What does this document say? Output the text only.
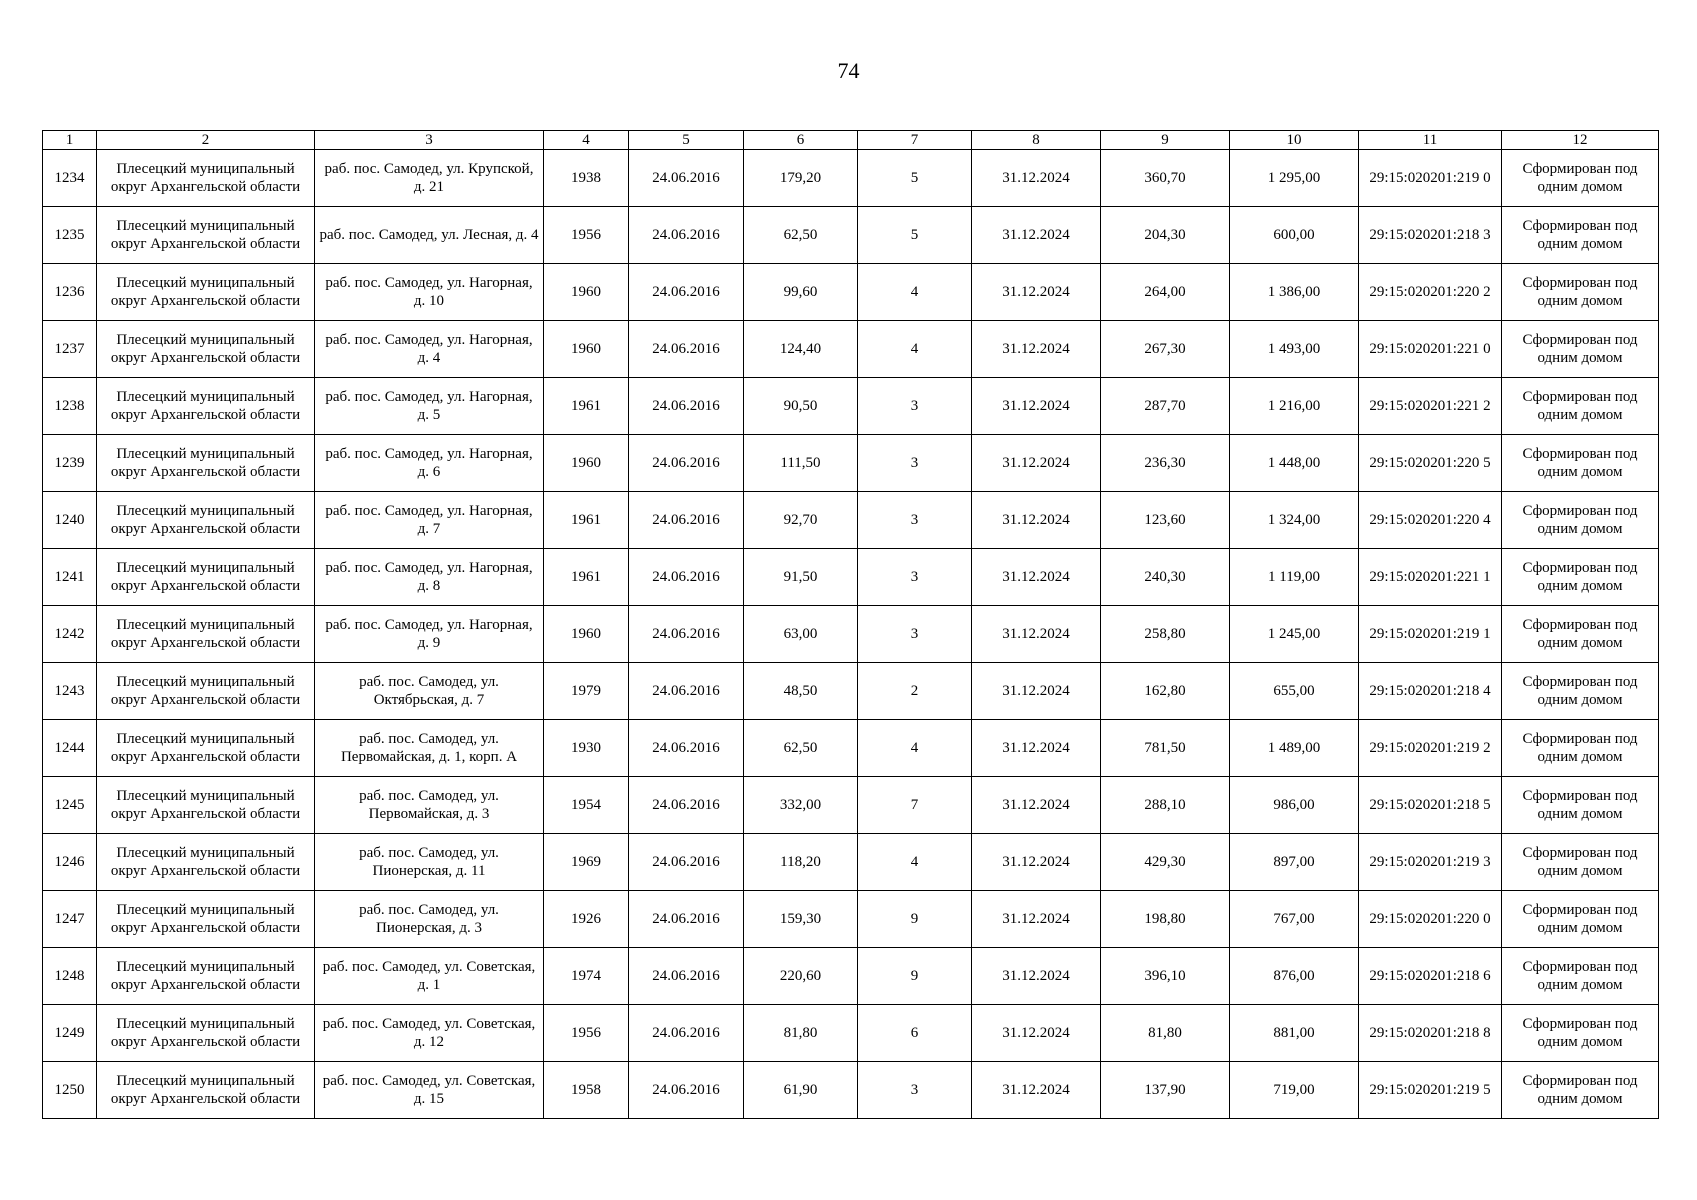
74
1	2	3	4	5	6	7	8	9	10	11	12
1234	Плесецкий муниципальный округ Архангельской области	раб. пос. Самодед, ул. Крупской, д. 21	1938	24.06.2016	179,20	5	31.12.2024	360,70	1 295,00	29:15:020201:219 0	Сформирован под одним домом
1235	Плесецкий муниципальный округ Архангельской области	раб. пос. Самодед, ул. Лесная, д. 4	1956	24.06.2016	62,50	5	31.12.2024	204,30	600,00	29:15:020201:218 3	Сформирован под одним домом
1236	Плесецкий муниципальный округ Архангельской области	раб. пос. Самодед, ул. Нагорная, д. 10	1960	24.06.2016	99,60	4	31.12.2024	264,00	1 386,00	29:15:020201:220 2	Сформирован под одним домом
1237	Плесецкий муниципальный округ Архангельской области	раб. пос. Самодед, ул. Нагорная, д. 4	1960	24.06.2016	124,40	4	31.12.2024	267,30	1 493,00	29:15:020201:221 0	Сформирован под одним домом
1238	Плесецкий муниципальный округ Архангельской области	раб. пос. Самодед, ул. Нагорная, д. 5	1961	24.06.2016	90,50	3	31.12.2024	287,70	1 216,00	29:15:020201:221 2	Сформирован под одним домом
1239	Плесецкий муниципальный округ Архангельской области	раб. пос. Самодед, ул. Нагорная, д. 6	1960	24.06.2016	111,50	3	31.12.2024	236,30	1 448,00	29:15:020201:220 5	Сформирован под одним домом
1240	Плесецкий муниципальный округ Архангельской области	раб. пос. Самодед, ул. Нагорная, д. 7	1961	24.06.2016	92,70	3	31.12.2024	123,60	1 324,00	29:15:020201:220 4	Сформирован под одним домом
1241	Плесецкий муниципальный округ Архангельской области	раб. пос. Самодед, ул. Нагорная, д. 8	1961	24.06.2016	91,50	3	31.12.2024	240,30	1 119,00	29:15:020201:221 1	Сформирован под одним домом
1242	Плесецкий муниципальный округ Архангельской области	раб. пос. Самодед, ул. Нагорная, д. 9	1960	24.06.2016	63,00	3	31.12.2024	258,80	1 245,00	29:15:020201:219 1	Сформирован под одним домом
1243	Плесецкий муниципальный округ Архангельской области	раб. пос. Самодед, ул. Октябрьская, д. 7	1979	24.06.2016	48,50	2	31.12.2024	162,80	655,00	29:15:020201:218 4	Сформирован под одним домом
1244	Плесецкий муниципальный округ Архангельской области	раб. пос. Самодед, ул. Первомайская, д. 1, корп. А	1930	24.06.2016	62,50	4	31.12.2024	781,50	1 489,00	29:15:020201:219 2	Сформирован под одним домом
1245	Плесецкий муниципальный округ Архангельской области	раб. пос. Самодед, ул. Первомайская, д. 3	1954	24.06.2016	332,00	7	31.12.2024	288,10	986,00	29:15:020201:218 5	Сформирован под одним домом
1246	Плесецкий муниципальный округ Архангельской области	раб. пос. Самодед, ул. Пионерская, д. 11	1969	24.06.2016	118,20	4	31.12.2024	429,30	897,00	29:15:020201:219 3	Сформирован под одним домом
1247	Плесецкий муниципальный округ Архангельской области	раб. пос. Самодед, ул. Пионерская, д. 3	1926	24.06.2016	159,30	9	31.12.2024	198,80	767,00	29:15:020201:220 0	Сформирован под одним домом
1248	Плесецкий муниципальный округ Архангельской области	раб. пос. Самодед, ул. Советская, д. 1	1974	24.06.2016	220,60	9	31.12.2024	396,10	876,00	29:15:020201:218 6	Сформирован под одним домом
1249	Плесецкий муниципальный округ Архангельской области	раб. пос. Самодед, ул. Советская, д. 12	1956	24.06.2016	81,80	6	31.12.2024	81,80	881,00	29:15:020201:218 8	Сформирован под одним домом
1250	Плесецкий муниципальный округ Архангельской области	раб. пос. Самодед, ул. Советская, д. 15	1958	24.06.2016	61,90	3	31.12.2024	137,90	719,00	29:15:020201:219 5	Сформирован под одним домом
